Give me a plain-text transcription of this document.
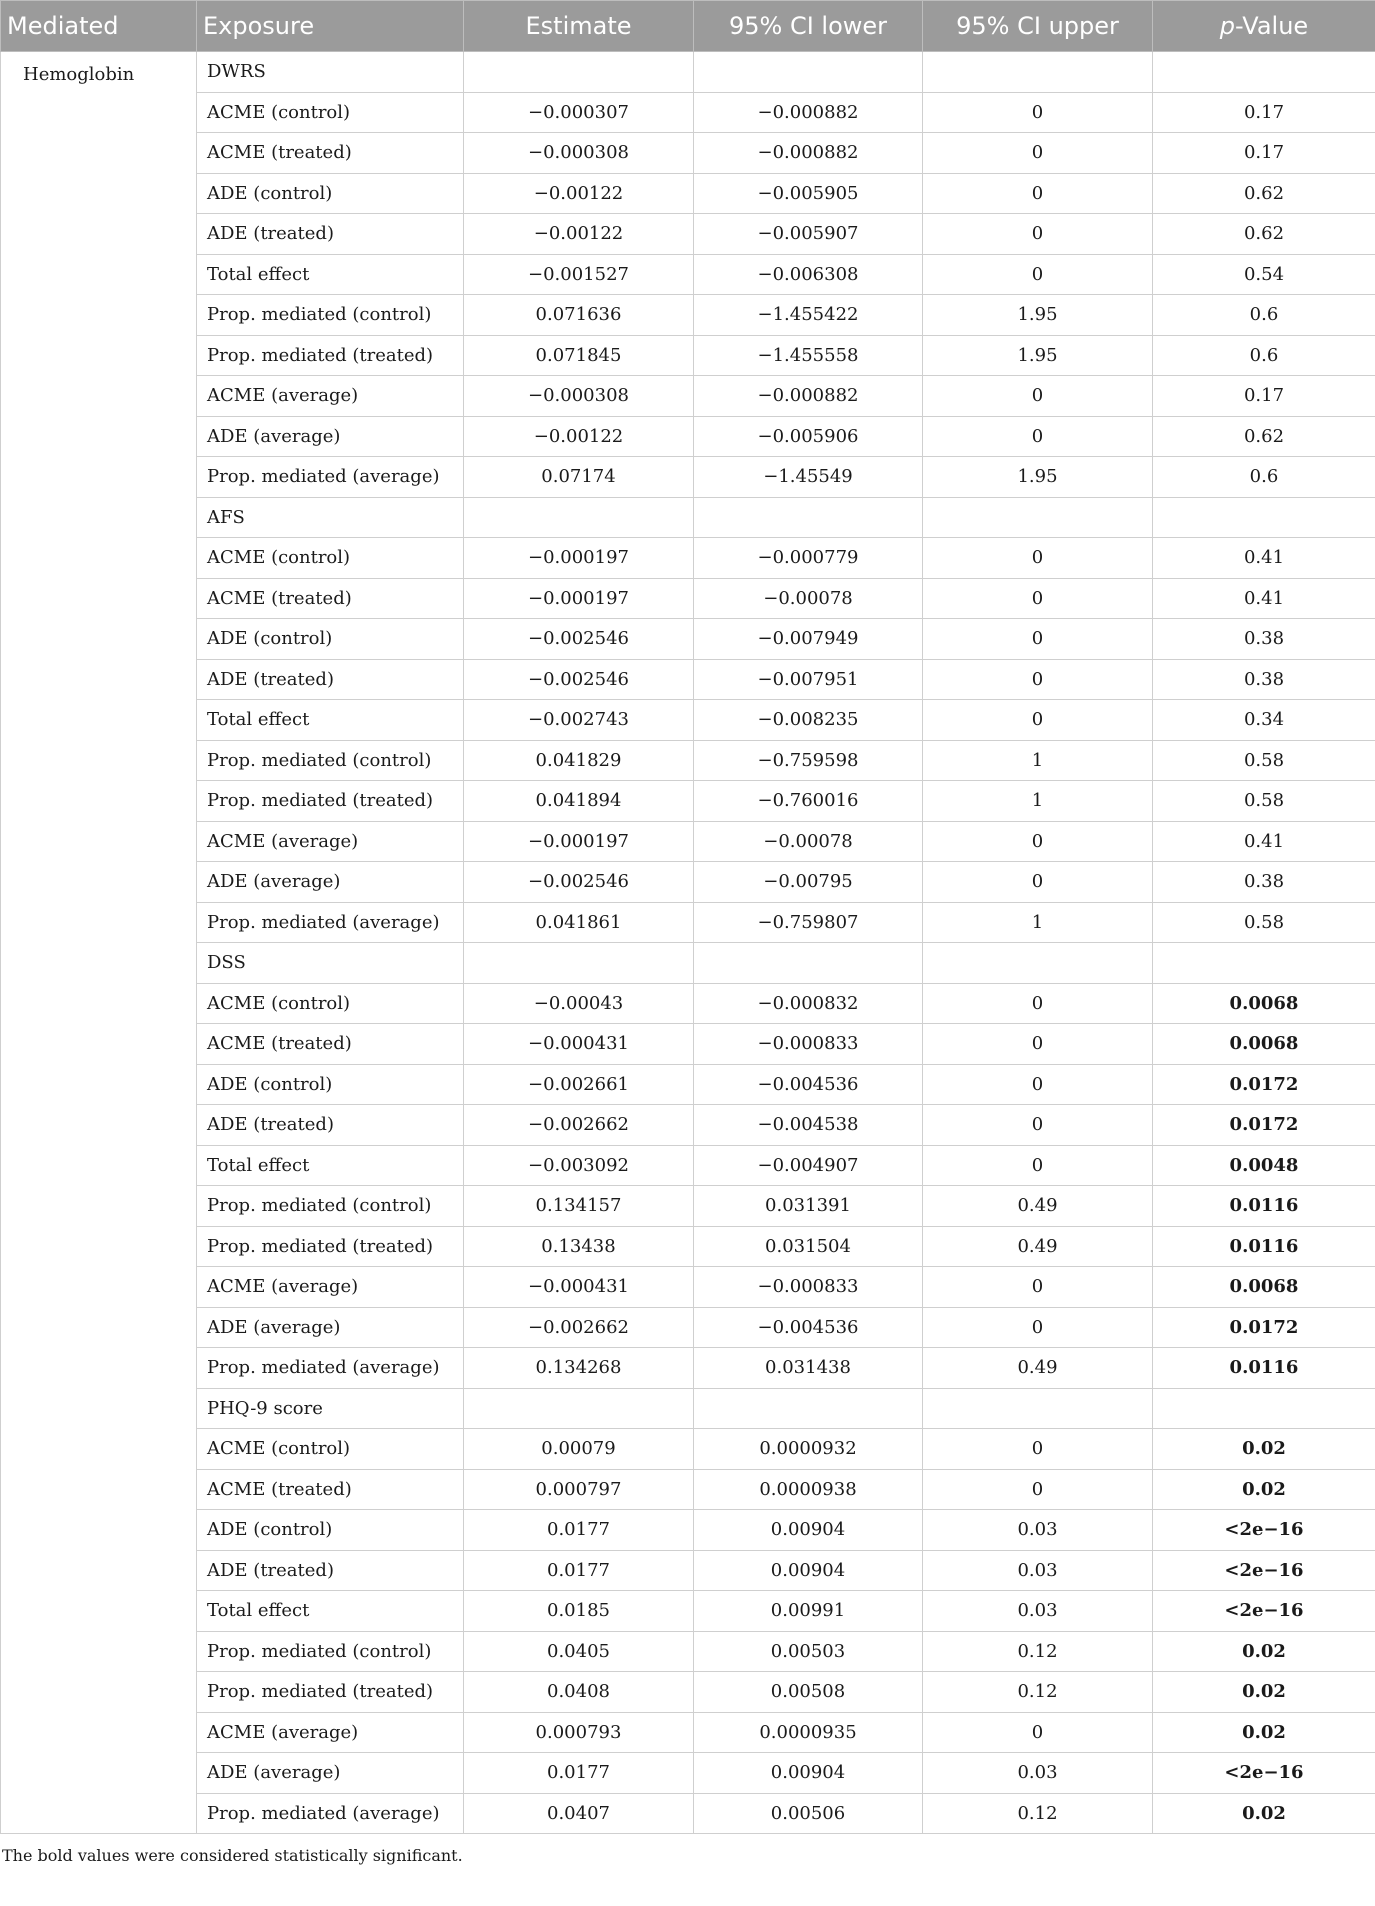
Mediated	Exposure	Estimate	95% CI lower	95% CI upper	p-Value
Hemoglobin	DWRS				
	ACME (control)	−0.000307	−0.000882	0	0.17
	ACME (treated)	−0.000308	−0.000882	0	0.17
	ADE (control)	−0.00122	−0.005905	0	0.62
	ADE (treated)	−0.00122	−0.005907	0	0.62
	Total effect	−0.001527	−0.006308	0	0.54
	Prop. mediated (control)	0.071636	−1.455422	1.95	0.6
	Prop. mediated (treated)	0.071845	−1.455558	1.95	0.6
	ACME (average)	−0.000308	−0.000882	0	0.17
	ADE (average)	−0.00122	−0.005906	0	0.62
	Prop. mediated (average)	0.07174	−1.45549	1.95	0.6
	AFS				
	ACME (control)	−0.000197	−0.000779	0	0.41
	ACME (treated)	−0.000197	−0.00078	0	0.41
	ADE (control)	−0.002546	−0.007949	0	0.38
	ADE (treated)	−0.002546	−0.007951	0	0.38
	Total effect	−0.002743	−0.008235	0	0.34
	Prop. mediated (control)	0.041829	−0.759598	1	0.58
	Prop. mediated (treated)	0.041894	−0.760016	1	0.58
	ACME (average)	−0.000197	−0.00078	0	0.41
	ADE (average)	−0.002546	−0.00795	0	0.38
	Prop. mediated (average)	0.041861	−0.759807	1	0.58
	DSS				
	ACME (control)	−0.00043	−0.000832	0	0.0068
	ACME (treated)	−0.000431	−0.000833	0	0.0068
	ADE (control)	−0.002661	−0.004536	0	0.0172
	ADE (treated)	−0.002662	−0.004538	0	0.0172
	Total effect	−0.003092	−0.004907	0	0.0048
	Prop. mediated (control)	0.134157	0.031391	0.49	0.0116
	Prop. mediated (treated)	0.13438	0.031504	0.49	0.0116
	ACME (average)	−0.000431	−0.000833	0	0.0068
	ADE (average)	−0.002662	−0.004536	0	0.0172
	Prop. mediated (average)	0.134268	0.031438	0.49	0.0116
	PHQ-9 score				
	ACME (control)	0.00079	0.0000932	0	0.02
	ACME (treated)	0.000797	0.0000938	0	0.02
	ADE (control)	0.0177	0.00904	0.03	<2e−16
	ADE (treated)	0.0177	0.00904	0.03	<2e−16
	Total effect	0.0185	0.00991	0.03	<2e−16
	Prop. mediated (control)	0.0405	0.00503	0.12	0.02
	Prop. mediated (treated)	0.0408	0.00508	0.12	0.02
	ACME (average)	0.000793	0.0000935	0	0.02
	ADE (average)	0.0177	0.00904	0.03	<2e−16
	Prop. mediated (average)	0.0407	0.00506	0.12	0.02
The bold values were considered statistically significant.
